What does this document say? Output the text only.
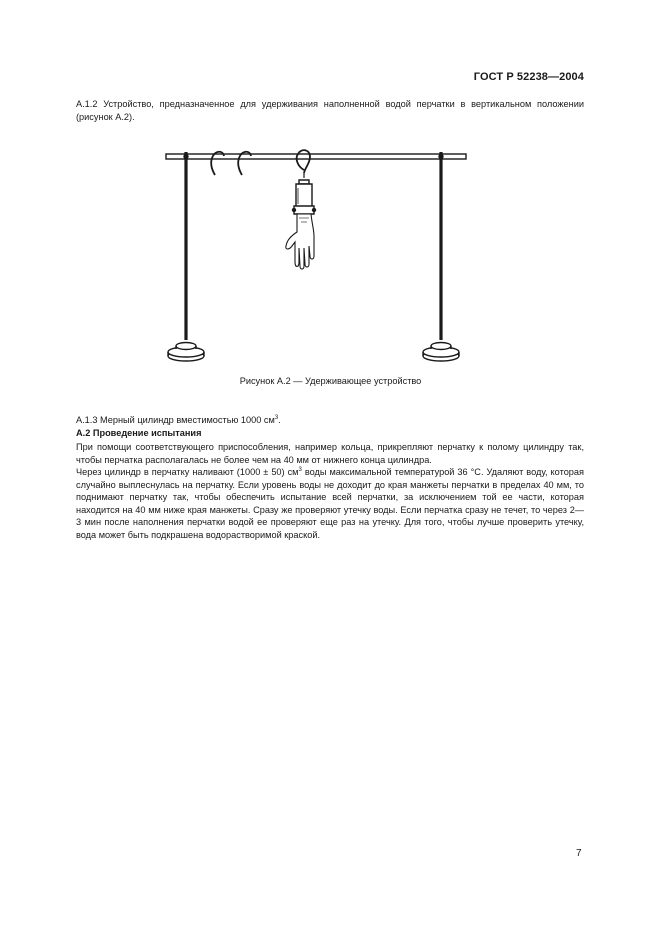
ГОСТ Р 52238—2004

А.1.2 Устройство, предназначенное для удерживания наполненной водой перчатки в вертикальном положении (рисунок А.2).

Рисунок А.2 — Удерживающее устройство
А.1.3 Мерный цилиндр вместимостью 1000 $см^3$.
А.2 Проведение испытания

При помощи соответствующего приспособления, например кольца, прикрепляют перчатку к полому цилиндру так, чтобы перчатка располагалась не более чем на 40 мм от нижнего конца цилиндра.

Через цилиндр в перчатку наливают (1000 ± 50) $см^3$ воды максимальной температурой 36 °С. Удаляют воду, которая случайно выплеснулась на перчатку. Если уровень воды не доходит до края манжеты перчатки в пределах 40 мм, то поднимают перчатку так, чтобы обеспечить испытание всей перчатки, за исключением той ее части, которая находится на 40 мм ниже края манжеты. Сразу же проверяют утечку воды. Если перчатка сразу не течет, то через 2—3 мин после наполнения перчатки водой ее проверяют еще раз на утечку. Для того, чтобы лучше проверить утечку, вода может быть подкрашена водорастворимой краской.
7
